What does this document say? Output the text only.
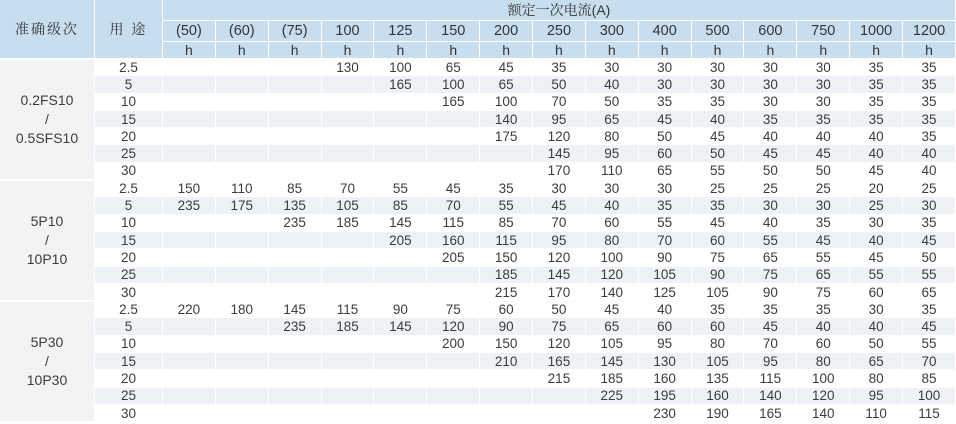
准确级次	用 途	额定一次电流(A)														
		(50)	(60)	(75)	100	125	150	200	250	300	400	500	600	750	1000	1200
		h	h	h	h	h	h	h	h	h	h	h	h	h	h	h

0.2FS10
/
0.5SFS10	2.5				130	100	65	45	35	30	30	30	30	30	35	35
	5					165	100	65	50	40	30	30	30	30	35	35
	10						165	100	70	50	35	35	30	30	35	35
	15							140	95	65	45	40	35	35	35	35
	20							175	120	80	50	45	40	40	40	35
	25								145	95	60	50	45	45	40	40
	30								170	110	65	55	50	50	45	40

5P10
/
10P10	2.5	150	110	85	70	55	45	35	30	30	30	25	25	25	20	25
	5	235	175	135	105	85	70	55	45	40	35	35	30	30	25	30
	10			235	185	145	115	85	70	60	55	45	40	35	30	35
	15					205	160	115	95	80	70	60	55	45	40	45
	20						205	150	120	100	90	75	65	55	45	50
	25							185	145	120	105	90	75	65	55	55
	30							215	170	140	125	105	90	75	60	65

5P30
/
10P30	2.5	220	180	145	115	90	75	60	50	45	40	35	35	35	30	35
	5			235	185	145	120	90	75	65	60	60	45	40	40	45
	10						200	150	120	105	95	80	70	60	50	55
	15							210	165	145	130	105	95	80	65	70
	20								215	185	160	135	115	100	80	85
	25									225	195	160	140	120	95	100
	30										230	190	165	140	110	115
